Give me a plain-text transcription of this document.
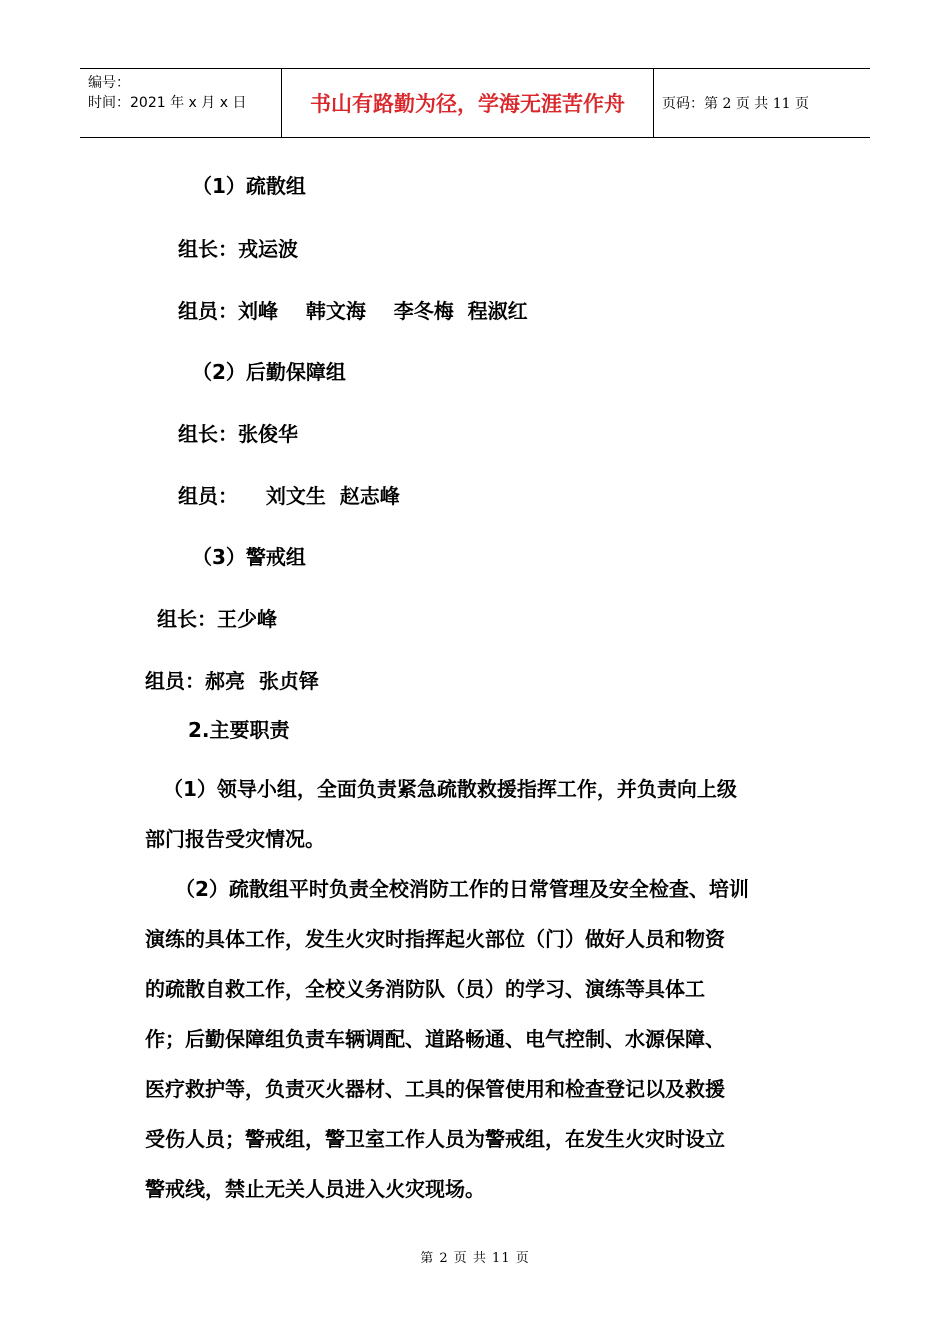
编号：
时间：2021 年 x 月 x 日	书山有路勤为径，学海无涯苦作舟	页码：第 2 页 共 11 页
（1）疏散组
组长：戎运波
组员：刘峰    韩文海    李冬梅  程淑红
（2）后勤保障组
组长：张俊华
组员：    刘文生  赵志峰
（3）警戒组
组长：王少峰
组员：郝亮  张贞铎
2.主要职责
（1）领导小组，全面负责紧急疏散救援指挥工作，并负责向上级
部门报告受灾情况。
（2）疏散组平时负责全校消防工作的日常管理及安全检查、培训
演练的具体工作，发生火灾时指挥起火部位（门）做好人员和物资
的疏散自救工作，全校义务消防队（员）的学习、演练等具体工
作；后勤保障组负责车辆调配、道路畅通、电气控制、水源保障、
医疗救护等，负责灭火器材、工具的保管使用和检查登记以及救援
受伤人员；警戒组，警卫室工作人员为警戒组，在发生火灾时设立
警戒线，禁止无关人员进入火灾现场。
第 2 页 共 11 页
